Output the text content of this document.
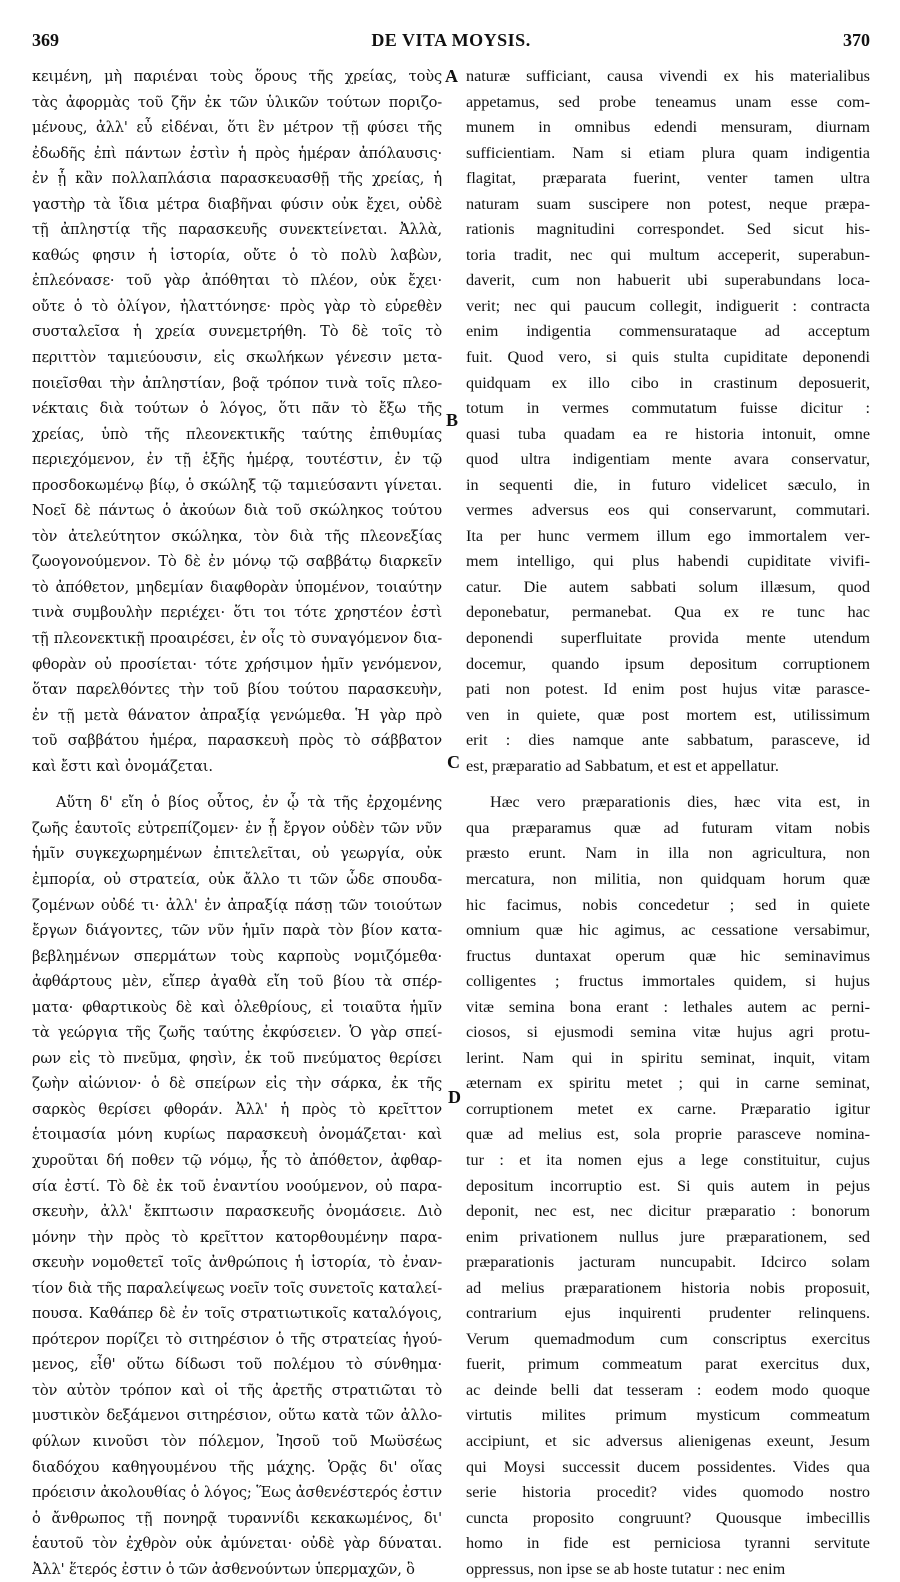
369	DE VITA MOYSIS.	370
κειμένη, μὴ παριέναι τοὺς ὅρους τῆς χρείας, τοὺς
τὰς ἀφορμὰς τοῦ ζῆν ἐκ τῶν ὑλικῶν τούτων ποριζο-
μένους, ἀλλ' εὖ εἰδέναι, ὅτι ἓν μέτρον τῇ φύσει τῆς
ἐδωδῆς ἐπὶ πάντων ἐστὶν ἡ πρὸς ἡμέραν ἀπόλαυσις·
ἐν ᾗ κἂν πολλαπλάσια παρασκευασθῇ τῆς χρείας, ἡ
γαστὴρ τὰ ἴδια μέτρα διαβῆναι φύσιν οὐκ ἔχει, οὐδὲ
τῇ ἀπληστίᾳ τῆς παρασκευῆς συνεκτείνεται. Ἀλλὰ,
καθώς φησιν ἡ ἱστορία, οὔτε ὁ τὸ πολὺ λαβὼν,
ἐπλεόνασε· τοῦ γὰρ ἀπόθηται τὸ πλέον, οὐκ ἔχει·
οὔτε ὁ τὸ ὀλίγον, ἠλαττόνησε· πρὸς γὰρ τὸ εὑρεθὲν
συσταλεῖσα ἡ χρεία συνεμετρήθη. Τὸ δὲ τοῖς τὸ
περιττὸν ταμιεύουσιν, εἰς σκωλήκων γένεσιν μετα-
ποιεῖσθαι τὴν ἀπληστίαν, βοᾷ τρόπον τινὰ τοῖς πλεο-
νέκταις διὰ τούτων ὁ λόγος, ὅτι πᾶν τὸ ἔξω τῆς
χρείας, ὑπὸ τῆς πλεονεκτικῆς ταύτης ἐπιθυμίας
περιεχόμενον, ἐν τῇ ἑξῆς ἡμέρᾳ, τουτέστιν, ἐν τῷ
προσδοκωμένῳ βίῳ, ὁ σκώληξ τῷ ταμιεύσαντι γίνεται.
Νοεῖ δὲ πάντως ὁ ἀκούων διὰ τοῦ σκώληκος τούτου
τὸν ἀτελεύτητον σκώληκα, τὸν διὰ τῆς πλεονεξίας
ζωογονούμενον. Τὸ δὲ ἐν μόνῳ τῷ σαββάτῳ διαρκεῖν
τὸ ἀπόθετον, μηδεμίαν διαφθορὰν ὑπομένον, τοιαύτην
τινὰ συμβουλὴν περιέχει· ὅτι τοι τότε χρηστέον ἐστὶ
τῇ πλεονεκτικῇ προαιρέσει, ἐν οἷς τὸ συναγόμενον δια-
φθορὰν οὐ προσίεται· τότε χρήσιμον ἡμῖν γενόμενον,
ὅταν παρελθόντες τὴν τοῦ βίου τούτου παρασκευὴν,
ἐν τῇ μετὰ θάνατον ἀπραξίᾳ γενώμεθα. Ἡ γὰρ πρὸ
τοῦ σαββάτου ἡμέρα, παρασκευὴ πρὸς τὸ σάββατον
καὶ ἔστι καὶ ὀνομάζεται.
Αὕτη δ' εἴη ὁ βίος οὗτος, ἐν ᾧ τὰ τῆς ἐρχομένης
ζωῆς ἑαυτοῖς εὐτρεπίζομεν· ἐν ᾗ ἔργον οὐδὲν τῶν νῦν
ἡμῖν συγκεχωρημένων ἐπιτελεῖται, οὐ γεωργία, οὐκ
ἐμπορία, οὐ στρατεία, οὐκ ἄλλο τι τῶν ὧδε σπουδα-
ζομένων οὐδέ τι· ἀλλ' ἐν ἀπραξίᾳ πάσῃ τῶν τοιούτων
ἔργων διάγοντες, τῶν νῦν ἡμῖν παρὰ τὸν βίον κατα-
βεβλημένων σπερμάτων τοὺς καρποὺς νομιζόμεθα·
ἀφθάρτους μὲν, εἴπερ ἀγαθὰ εἴη τοῦ βίου τὰ σπέρ-
ματα· φθαρτικοὺς δὲ καὶ ὀλεθρίους, εἰ τοιαῦτα ἡμῖν
τὰ γεώργια τῆς ζωῆς ταύτης ἐκφύσειεν. Ὁ γὰρ σπεί-
ρων εἰς τὸ πνεῦμα, φησὶν, ἐκ τοῦ πνεύματος θερίσει
ζωὴν αἰώνιον· ὁ δὲ σπείρων εἰς τὴν σάρκα, ἐκ τῆς
σαρκὸς θερίσει φθοράν. Ἀλλ' ἡ πρὸς τὸ κρεῖττον
ἑτοιμασία μόνη κυρίως παρασκευὴ ὀνομάζεται· καὶ
χυροῦται δή ποθεν τῷ νόμῳ, ἧς τὸ ἀπόθετον, ἀφθαρ-
σία ἐστί. Τὸ δὲ ἐκ τοῦ ἐναντίου νοούμενον, οὐ παρα-
σκευὴν, ἀλλ' ἔκπτωσιν παρασκευῆς ὀνομάσειε. Διὸ
μόνην τὴν πρὸς τὸ κρεῖττον κατορθουμένην παρα-
σκευὴν νομοθετεῖ τοῖς ἀνθρώποις ἡ ἱστορία, τὸ ἐναν-
τίον διὰ τῆς παραλείψεως νοεῖν τοῖς συνετοῖς καταλεί-
πουσα. Καθάπερ δὲ ἐν τοῖς στρατιωτικοῖς καταλόγοις,
πρότερον πορίζει τὸ σιτηρέσιον ὁ τῆς στρατείας ἡγού-
μενος, εἶθ' οὕτω δίδωσι τοῦ πολέμου τὸ σύνθημα·
τὸν αὐτὸν τρόπον καὶ οἱ τῆς ἀρετῆς στρατιῶται τὸ
μυστικὸν δεξάμενοι σιτηρέσιον, οὕτω κατὰ τῶν ἀλλο-
φύλων κινοῦσι τὸν πόλεμον, Ἰησοῦ τοῦ Μωϋσέως
διαδόχου καθηγουμένου τῆς μάχης. Ὁρᾷς δι' οἵας
πρόεισιν ἀκολουθίας ὁ λόγος; Ἕως ἀσθενέστερός ἐστιν
ὁ ἄνθρωπος τῇ πονηρᾷ τυραννίδι κεκακωμένος, δι'
ἑαυτοῦ τὸν ἐχθρὸν οὐκ ἀμύνεται· οὐδὲ γὰρ δύναται.
Ἀλλ' ἕτερός ἐστιν ὁ τῶν ἀσθενούντων ὑπερμαχῶν, ὃ
naturæ sufficiant, causa vivendi ex his materialibus
appetamus, sed probe teneamus unam esse com-
munem in omnibus edendi mensuram, diurnam
sufficientiam. Nam si etiam plura quam indigentia
flagitat, præparata fuerint, venter tamen ultra
naturam suam suscipere non potest, neque præpa-
rationis magnitudini correspondet. Sed sicut his-
toria tradit, nec qui multum acceperit, superabun-
daverit, cum non habuerit ubi superabundans loca-
verit; nec qui paucum collegit, indiguerit : contracta
enim indigentia commensurataque ad acceptum
fuit. Quod vero, si quis stulta cupiditate deponendi
quidquam ex illo cibo in crastinum deposuerit,
totum in vermes commutatum fuisse dicitur :
quasi tuba quadam ea re historia intonuit, omne
quod ultra indigentiam mente avara conservatur,
in sequenti die, in futuro videlicet sæculo, in
vermes adversus eos qui conservarunt, commutari.
Ita per hunc vermem illum ego immortalem ver-
mem intelligo, qui plus habendi cupiditate vivifi-
catur. Die autem sabbati solum illæsum, quod
deponebatur, permanebat. Qua ex re tunc hac
deponendi superfluitate provida mente utendum
docemur, quando ipsum depositum corruptionem
pati non potest. Id enim post hujus vitæ parasce-
ven in quiete, quæ post mortem est, utilissimum
erit : dies namque ante sabbatum, parasceve, id
est, præparatio ad Sabbatum, et est et appellatur.
Hæc vero præparationis dies, hæc vita est, in
qua præparamus quæ ad futuram vitam nobis
præsto erunt. Nam in illa non agricultura, non
mercatura, non militia, non quidquam horum quæ
hic facimus, nobis concedetur ; sed in quiete
omnium quæ hic agimus, ac cessatione versabimur,
fructus duntaxat operum quæ hic seminavimus
colligentes ; fructus immortales quidem, si hujus
vitæ semina bona erant : lethales autem ac perni-
ciosos, si ejusmodi semina vitæ hujus agri protu-
lerint. Nam qui in spiritu seminat, inquit, vitam
æternam ex spiritu metet ; qui in carne seminat,
corruptionem metet ex carne. Præparatio igitur
quæ ad melius est, sola proprie parasceve nomina-
tur : et ita nomen ejus a lege constituitur, cujus
depositum incorruptio est. Si quis autem in pejus
deponit, nec est, nec dicitur præparatio : bonorum
enim privationem nullus jure præparationem, sed
præparationis jacturam nuncupabit. Idcirco solam
ad melius præparationem historia nobis proposuit,
contrarium ejus inquirenti prudenter relinquens.
Verum quemadmodum cum conscriptus exercitus
fuerit, primum commeatum parat exercitus dux,
ac deinde belli dat tesseram : eodem modo quoque
virtutis milites primum mysticum commeatum
accipiunt, et sic adversus alienigenas exeunt, Jesum
qui Moysi successit ducem possidentes. Vides qua
serie historia procedit? vides quomodo nostro
cuncta proposito congruunt? Quousque imbecillis
homo in fide est perniciosa tyranni servitute
oppressus, non ipse se ab hoste tutatur : nec enim
A
B
C
D
